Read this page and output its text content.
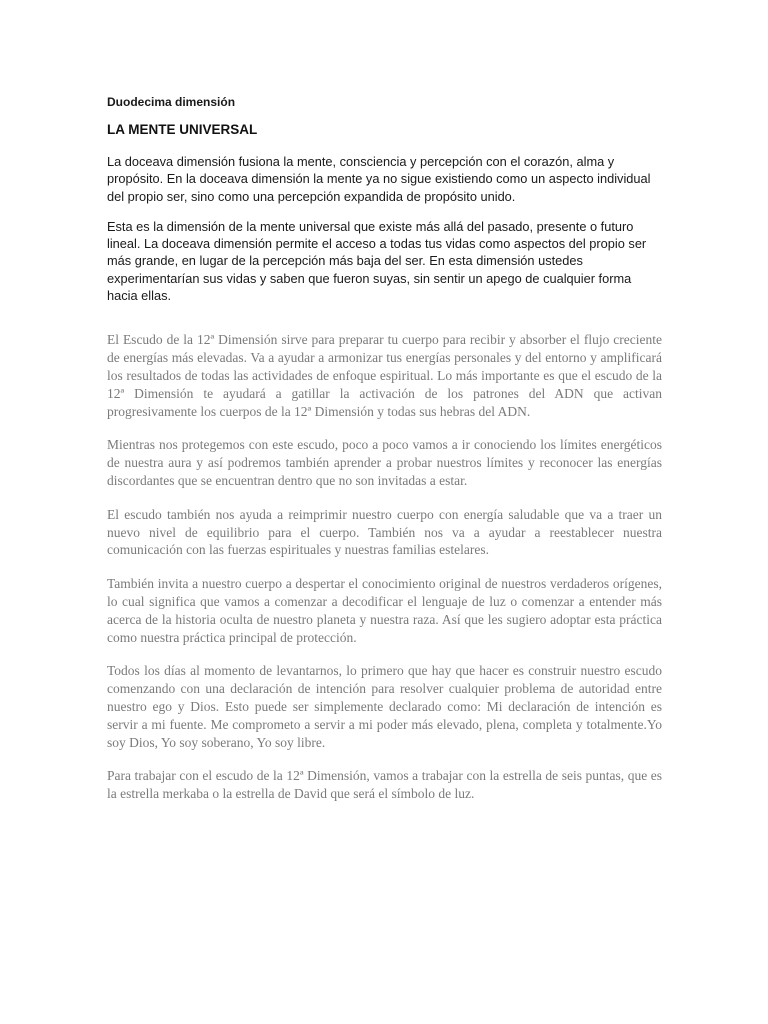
Duodecima dimensión
LA MENTE UNIVERSAL

La doceava dimensión fusiona la mente, consciencia y percepción con el corazón, alma y propósito. En la doceava dimensión la mente ya no sigue existiendo como un aspecto individual del propio ser, sino como una percepción expandida de propósito unido.

Esta es la dimensión de la mente universal que existe más allá del pasado, presente o futuro lineal. La doceava dimensión permite el acceso a todas tus vidas como aspectos del propio ser más grande, en lugar de la percepción más baja del ser. En esta dimensión ustedes experimentarían sus vidas y saben que fueron suyas, sin sentir un apego de cualquier forma hacia ellas.

El Escudo de la 12ª Dimensión sirve para preparar tu cuerpo para recibir y absorber el flujo creciente de energías más elevadas. Va a ayudar a armonizar tus energías personales y del entorno y amplificará los resultados de todas las actividades de enfoque espiritual. Lo más importante es que el escudo de la 12ª Dimensión te ayudará a gatillar la activación de los patrones del ADN que activan progresivamente los cuerpos de la 12ª Dimensión y todas sus hebras del ADN.

Mientras nos protegemos con este escudo, poco a poco vamos a ir conociendo los límites energéticos de nuestra aura y así podremos también aprender a probar nuestros límites y reconocer las energías discordantes que se encuentran dentro que no son invitadas a estar.

El escudo también nos ayuda a reimprimir nuestro cuerpo con energía saludable que va a traer un nuevo nivel de equilibrio para el cuerpo. También nos va a ayudar a reestablecer nuestra comunicación con las fuerzas espirituales y nuestras familias estelares.

También invita a nuestro cuerpo a despertar el conocimiento original de nuestros verdaderos orígenes, lo cual significa que vamos a comenzar a decodificar el lenguaje de luz o comenzar a entender más acerca de la historia oculta de nuestro planeta y nuestra raza. Así que les sugiero adoptar esta práctica como nuestra práctica principal de protección.

Todos los días al momento de levantarnos, lo primero que hay que hacer es construir nuestro escudo comenzando con una declaración de intención para resolver cualquier problema de autoridad entre nuestro ego y Dios. Esto puede ser simplemente declarado como: Mi declaración de intención es servir a mi fuente. Me comprometo a servir a mi poder más elevado, plena, completa y totalmente.Yo soy Dios, Yo soy soberano, Yo soy libre.

Para trabajar con el escudo de la 12ª Dimensión, vamos a trabajar con la estrella de seis puntas, que es la estrella merkaba o la estrella de David que será el símbolo de luz.
